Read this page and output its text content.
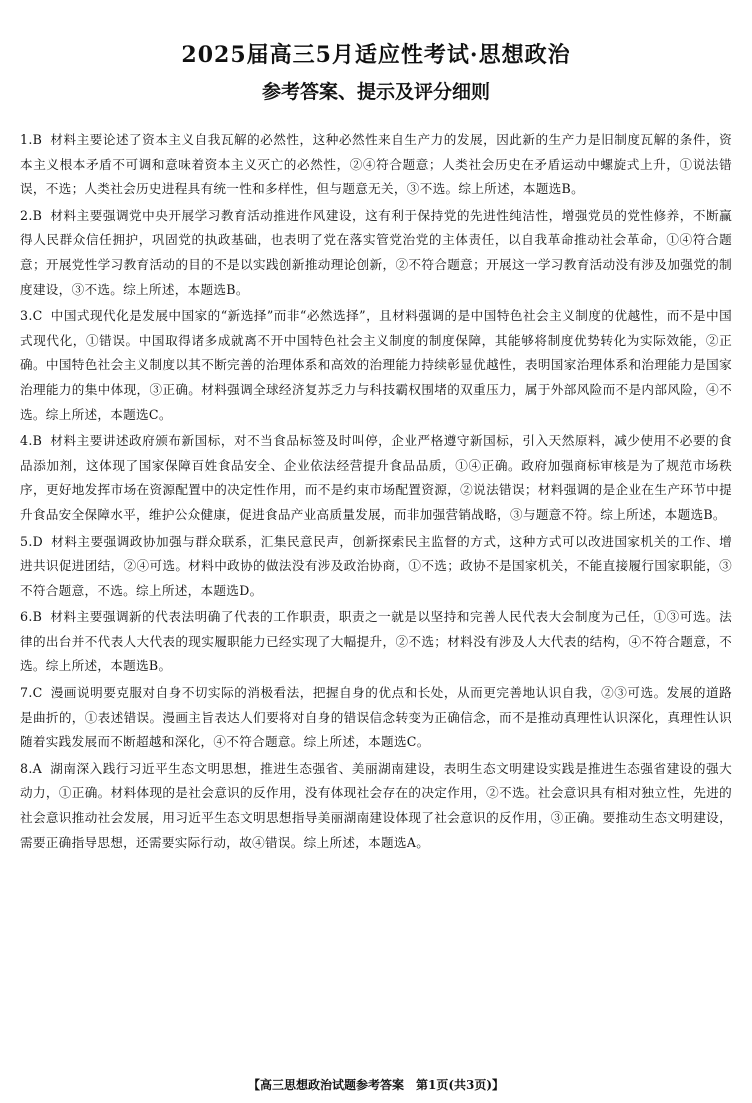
2025届高三5月适应性考试·思想政治
参考答案、提示及评分细则

1.B 材料主要论述了资本主义自我瓦解的必然性，这种必然性来自生产力的发展，因此新的生产力是旧制度瓦解的条件，资本主义根本矛盾不可调和意味着资本主义灭亡的必然性，②④符合题意；人类社会历史在矛盾运动中螺旋式上升，①说法错误，不选；人类社会历史进程具有统一性和多样性，但与题意无关，③不选。综上所述，本题选B。

2.B 材料主要强调党中央开展学习教育活动推进作风建设，这有利于保持党的先进性纯洁性，增强党员的党性修养，不断赢得人民群众信任拥护，巩固党的执政基础，也表明了党在落实管党治党的主体责任，以自我革命推动社会革命，①④符合题意；开展党性学习教育活动的目的不是以实践创新推动理论创新，②不符合题意；开展这一学习教育活动没有涉及加强党的制度建设，③不选。综上所述，本题选B。

3.C 中国式现代化是发展中国家的“新选择”而非“必然选择”，且材料强调的是中国特色社会主义制度的优越性，而不是中国式现代化，①错误。中国取得诸多成就离不开中国特色社会主义制度的制度保障，其能够将制度优势转化为实际效能，②正确。中国特色社会主义制度以其不断完善的治理体系和高效的治理能力持续彰显优越性，表明国家治理体系和治理能力是国家治理能力的集中体现，③正确。材料强调全球经济复苏乏力与科技霸权围堵的双重压力，属于外部风险而不是内部风险，④不选。综上所述，本题选C。

4.B 材料主要讲述政府颁布新国标，对不当食品标签及时叫停，企业严格遵守新国标，引入天然原料，减少使用不必要的食品添加剂，这体现了国家保障百姓食品安全、企业依法经营提升食品品质，①④正确。政府加强商标审核是为了规范市场秩序，更好地发挥市场在资源配置中的决定性作用，而不是约束市场配置资源，②说法错误；材料强调的是企业在生产环节中提升食品安全保障水平，维护公众健康，促进食品产业高质量发展，而非加强营销战略，③与题意不符。综上所述，本题选B。

5.D 材料主要强调政协加强与群众联系，汇集民意民声，创新探索民主监督的方式，这种方式可以改进国家机关的工作、增进共识促进团结，②④可选。材料中政协的做法没有涉及政治协商，①不选；政协不是国家机关，不能直接履行国家职能，③不符合题意，不选。综上所述，本题选D。

6.B 材料主要强调新的代表法明确了代表的工作职责，职责之一就是以坚持和完善人民代表大会制度为己任，①③可选。法律的出台并不代表人大代表的现实履职能力已经实现了大幅提升，②不选；材料没有涉及人大代表的结构，④不符合题意，不选。综上所述，本题选B。

7.C 漫画说明要克服对自身不切实际的消极看法，把握自身的优点和长处，从而更完善地认识自我，②③可选。发展的道路是曲折的，①表述错误。漫画主旨表达人们要将对自身的错误信念转变为正确信念，而不是推动真理性认识深化，真理性认识随着实践发展而不断超越和深化，④不符合题意。综上所述，本题选C。

8.A 湖南深入践行习近平生态文明思想，推进生态强省、美丽湖南建设，表明生态文明建设实践是推进生态强省建设的强大动力，①正确。材料体现的是社会意识的反作用，没有体现社会存在的决定作用，②不选。社会意识具有相对独立性，先进的社会意识推动社会发展，用习近平生态文明思想指导美丽湖南建设体现了社会意识的反作用，③正确。要推动生态文明建设，需要正确指导思想，还需要实际行动，故④错误。综上所述，本题选A。

【高三思想政治试题参考答案　第1页(共3页)】
